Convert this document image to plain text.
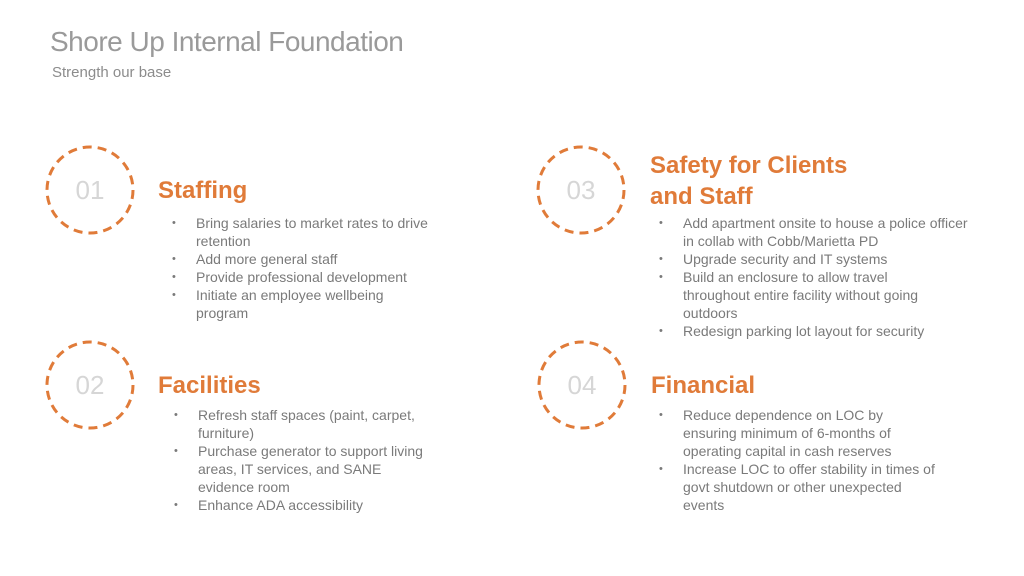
Shore Up Internal Foundation
Strength our base
01	Staffing
• Bring salaries to market rates to drive retention
• Add more general staff
• Provide professional development
• Initiate an employee wellbeing program
02	Facilities
• Refresh staff spaces (paint, carpet, furniture)
• Purchase generator to support living areas, IT services, and SANE evidence room
• Enhance ADA accessibility
03
Safety for Clients and Staff
• Add apartment onsite to house a police officer in collab with Cobb/Marietta PD
• Upgrade security and IT systems
• Build an enclosure to allow travel throughout entire facility without going outdoors
• Redesign parking lot layout for security
04	Financial
• Reduce dependence on LOC by ensuring minimum of 6-months of operating capital in cash reserves
• Increase LOC to offer stability in times of govt shutdown or other unexpected events
